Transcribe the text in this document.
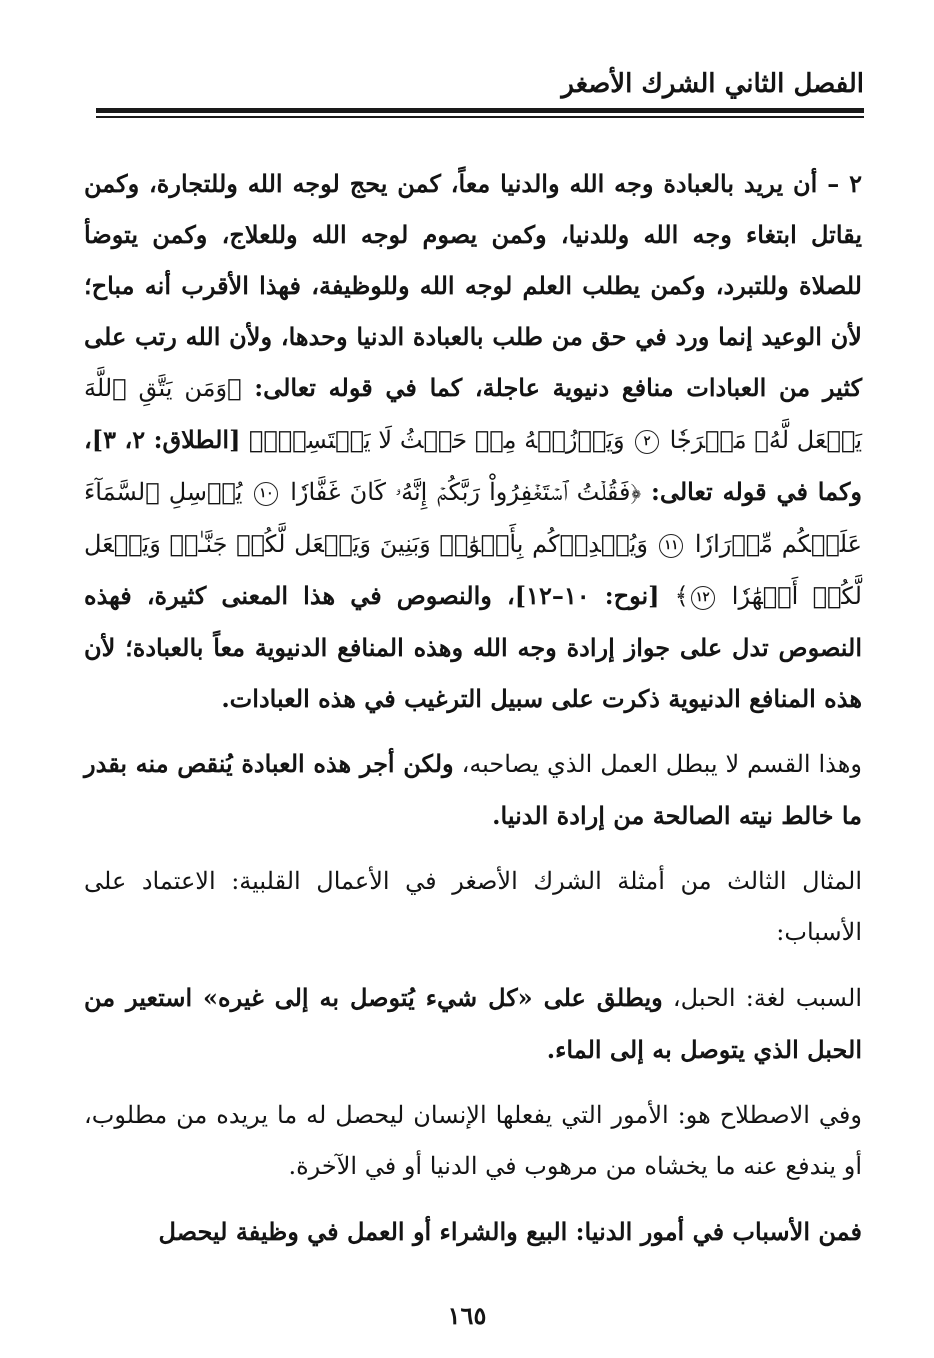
الفصل الثاني الشرك الأصغر

٢ – أن يريد بالعبادة وجه الله والدنيا معاً، كمن يحج لوجه الله وللتجارة، وكمن يقاتل ابتغاء وجه الله وللدنيا، وكمن يصوم لوجه الله وللعلاج، وكمن يتوضأ للصلاة وللتبرد، وكمن يطلب العلم لوجه الله وللوظيفة، فهذا الأقرب أنه مباح؛ لأن الوعيد إنما ورد في حق من طلب بالعبادة الدنيا وحدها، ولأن الله رتب على كثير من العبادات منافع دنيوية عاجلة، كما في قوله تعالى: ﴿وَمَن يَتَّقِ ٱللَّهَ يَجۡعَل لَّهُۥ مَخۡرَجٗا ٢ وَيَرۡزُقۡهُ مِنۡ حَيۡثُ لَا يَحۡتَسِبُۚ﴾ [الطلاق: ٢، ٣]، وكما في قوله تعالى: ﴿فَقُلۡتُ ٱسۡتَغۡفِرُواْ رَبَّكُمۡ إِنَّهُۥ كَانَ غَفَّارٗا ١٠ يُرۡسِلِ ٱلسَّمَآءَ عَلَيۡكُم مِّدۡرَارٗا ١١ وَيُمۡدِدۡكُم بِأَمۡوَٰلٖ وَبَنِينَ وَيَجۡعَل لَّكُمۡ جَنَّـٰتٖ وَيَجۡعَل لَّكُمۡ أَنۡهَٰرٗا ١٢﴾ [نوح: ١٠–١٢]، والنصوص في هذا المعنى كثيرة، فهذه النصوص تدل على جواز إرادة وجه الله وهذه المنافع الدنيوية معاً بالعبادة؛ لأن هذه المنافع الدنيوية ذكرت على سبيل الترغيب في هذه العبادات.

وهذا القسم لا يبطل العمل الذي يصاحبه، ولكن أجر هذه العبادة يُنقص منه بقدر ما خالط نيته الصالحة من إرادة الدنيا.

المثال الثالث من أمثلة الشرك الأصغر في الأعمال القلبية: الاعتماد على الأسباب:

السبب لغة: الحبل، ويطلق على «كل شيء يُتوصل به إلى غيره» استعير من الحبل الذي يتوصل به إلى الماء.

وفي الاصطلاح هو: الأمور التي يفعلها الإنسان ليحصل له ما يريده من مطلوب، أو يندفع عنه ما يخشاه من مرهوب في الدنيا أو في الآخرة.

فمن الأسباب في أمور الدنيا: البيع والشراء أو العمل في وظيفة ليحصل

١٦٥
